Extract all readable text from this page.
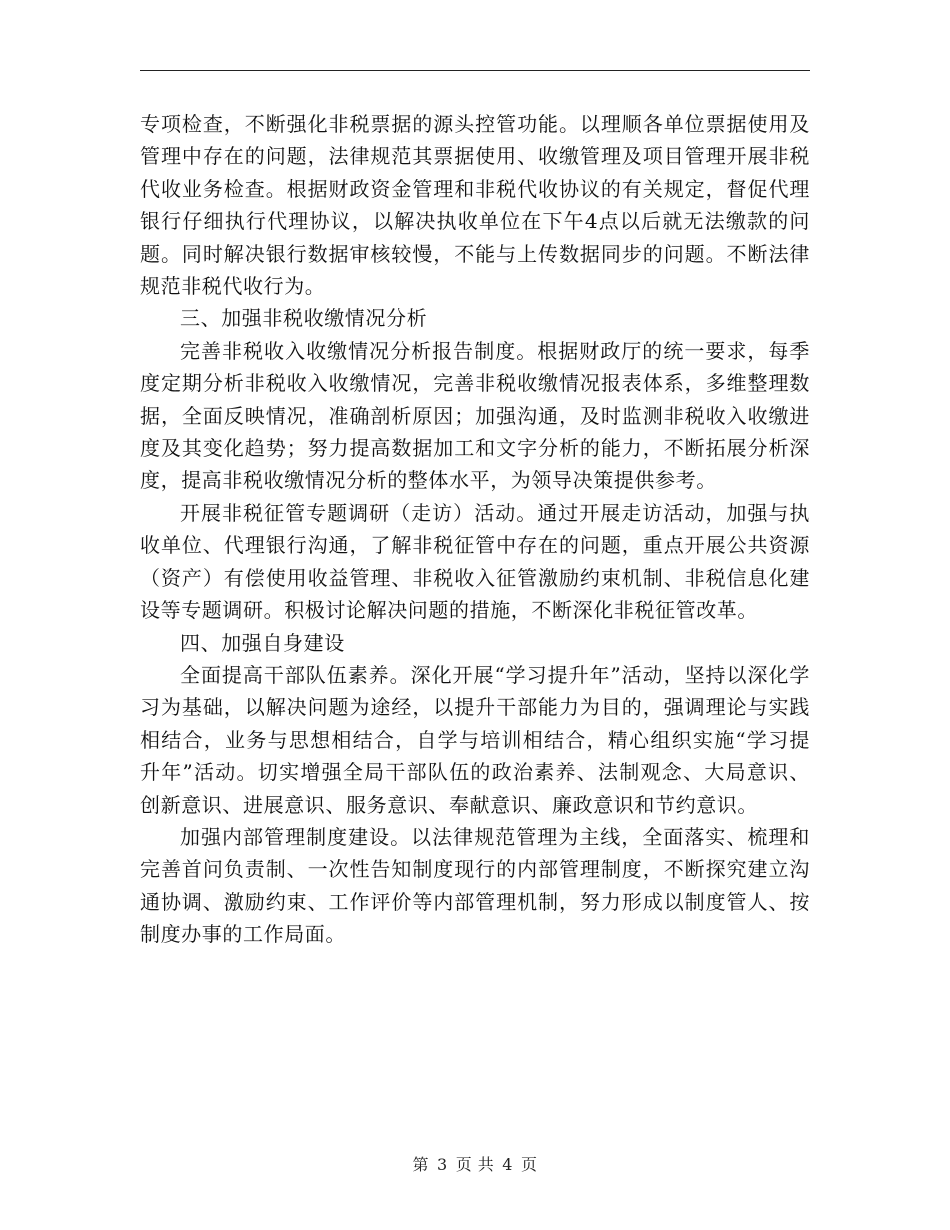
专项检查，不断强化非税票据的源头控管功能。以理顺各单位票据使用及管理中存在的问题，法律规范其票据使用、收缴管理及项目管理开展非税代收业务检查。根据财政资金管理和非税代收协议的有关规定，督促代理银行仔细执行代理协议，以解决执收单位在下午4点以后就无法缴款的问题。同时解决银行数据审核较慢，不能与上传数据同步的问题。不断法律规范非税代收行为。

三、加强非税收缴情况分析

完善非税收入收缴情况分析报告制度。根据财政厅的统一要求，每季度定期分析非税收入收缴情况，完善非税收缴情况报表体系，多维整理数据，全面反映情况，准确剖析原因；加强沟通，及时监测非税收入收缴进度及其变化趋势；努力提高数据加工和文字分析的能力，不断拓展分析深度，提高非税收缴情况分析的整体水平，为领导决策提供参考。

开展非税征管专题调研（走访）活动。通过开展走访活动，加强与执收单位、代理银行沟通，了解非税征管中存在的问题，重点开展公共资源（资产）有偿使用收益管理、非税收入征管激励约束机制、非税信息化建设等专题调研。积极讨论解决问题的措施，不断深化非税征管改革。

四、加强自身建设

全面提高干部队伍素养。深化开展“学习提升年”活动，坚持以深化学习为基础，以解决问题为途经，以提升干部能力为目的，强调理论与实践相结合，业务与思想相结合，自学与培训相结合，精心组织实施“学习提升年”活动。切实增强全局干部队伍的政治素养、法制观念、大局意识、创新意识、进展意识、服务意识、奉献意识、廉政意识和节约意识。

加强内部管理制度建设。以法律规范管理为主线，全面落实、梳理和完善首问负责制、一次性告知制度现行的内部管理制度，不断探究建立沟通协调、激励约束、工作评价等内部管理机制，努力形成以制度管人、按制度办事的工作局面。

第 3 页 共 4 页
